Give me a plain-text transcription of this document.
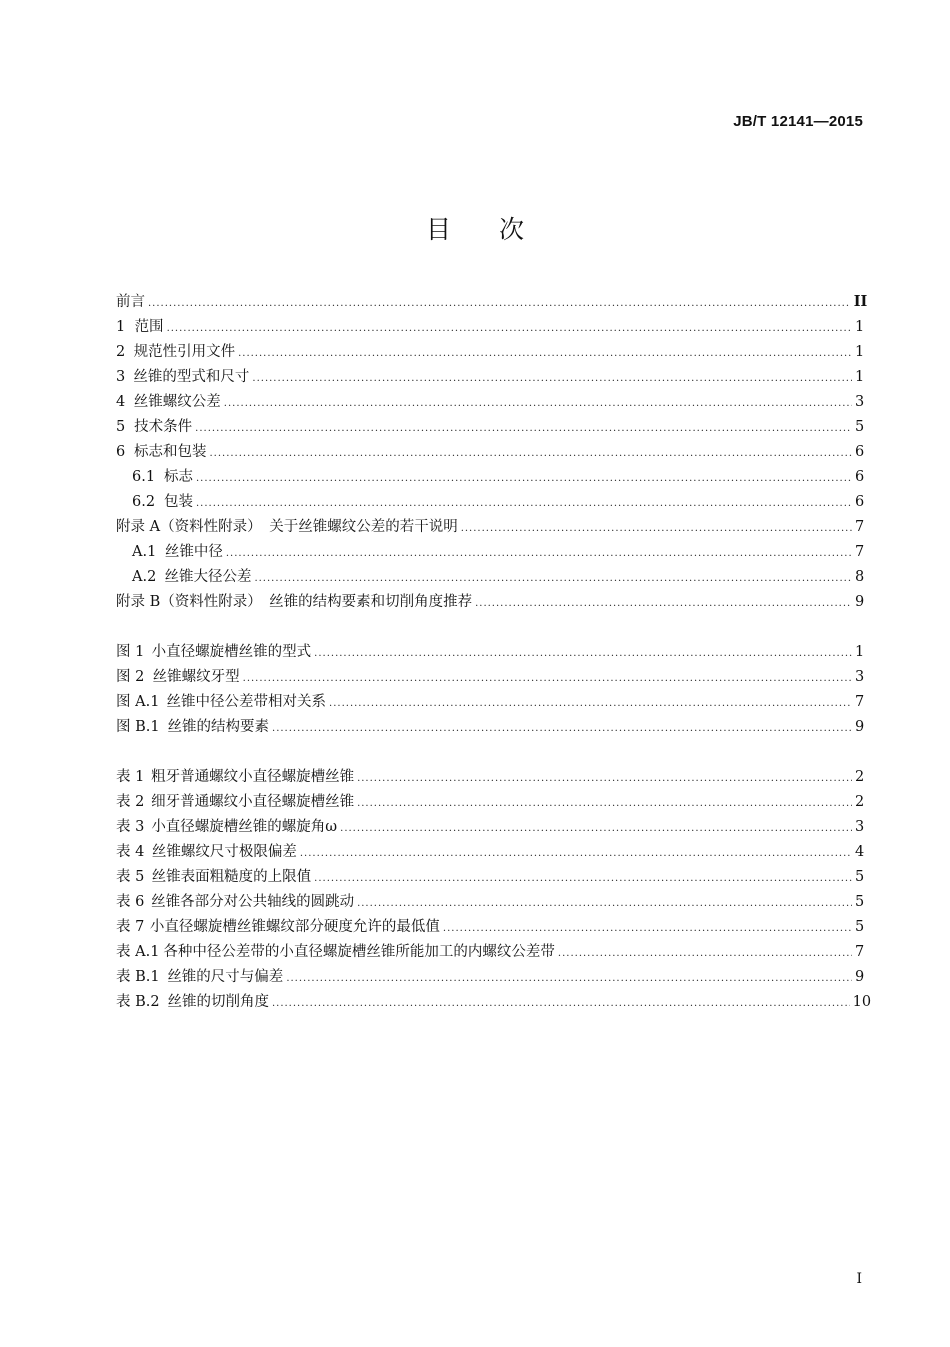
JB/T 12141—2015
目 次
前言 .....	II
1 范围 .....	1
2 规范性引用文件 .....	1
3 丝锥的型式和尺寸 .....	1
4 丝锥螺纹公差 .....	3
5 技术条件 .....	5
6 标志和包装 .....	6
6.1 标志 .....	6
6.2 包装 .....	6
附录 A（资料性附录） 关于丝锥螺纹公差的若干说明 .....	7
A.1 丝锥中径 .....	7
A.2 丝锥大径公差 .....	8
附录 B（资料性附录） 丝锥的结构要素和切削角度推荐 .....	9
图 1 小直径螺旋槽丝锥的型式 .....	1
图 2 丝锥螺纹牙型 .....	3
图 A.1 丝锥中径公差带相对关系 .....	7
图 B.1 丝锥的结构要素 .....	9
表 1 粗牙普通螺纹小直径螺旋槽丝锥 .....	2
表 2 细牙普通螺纹小直径螺旋槽丝锥 .....	2
表 3 小直径螺旋槽丝锥的螺旋角ω .....	3
表 4 丝锥螺纹尺寸极限偏差 .....	4
表 5 丝锥表面粗糙度的上限值 .....	5
表 6 丝锥各部分对公共轴线的圆跳动 .....	5
表 7 小直径螺旋槽丝锥螺纹部分硬度允许的最低值 .....	5
表 A.1 各种中径公差带的小直径螺旋槽丝锥所能加工的内螺纹公差带 .....	7
表 B.1 丝锥的尺寸与偏差 .....	9
表 B.2 丝锥的切削角度 .....	10
I
